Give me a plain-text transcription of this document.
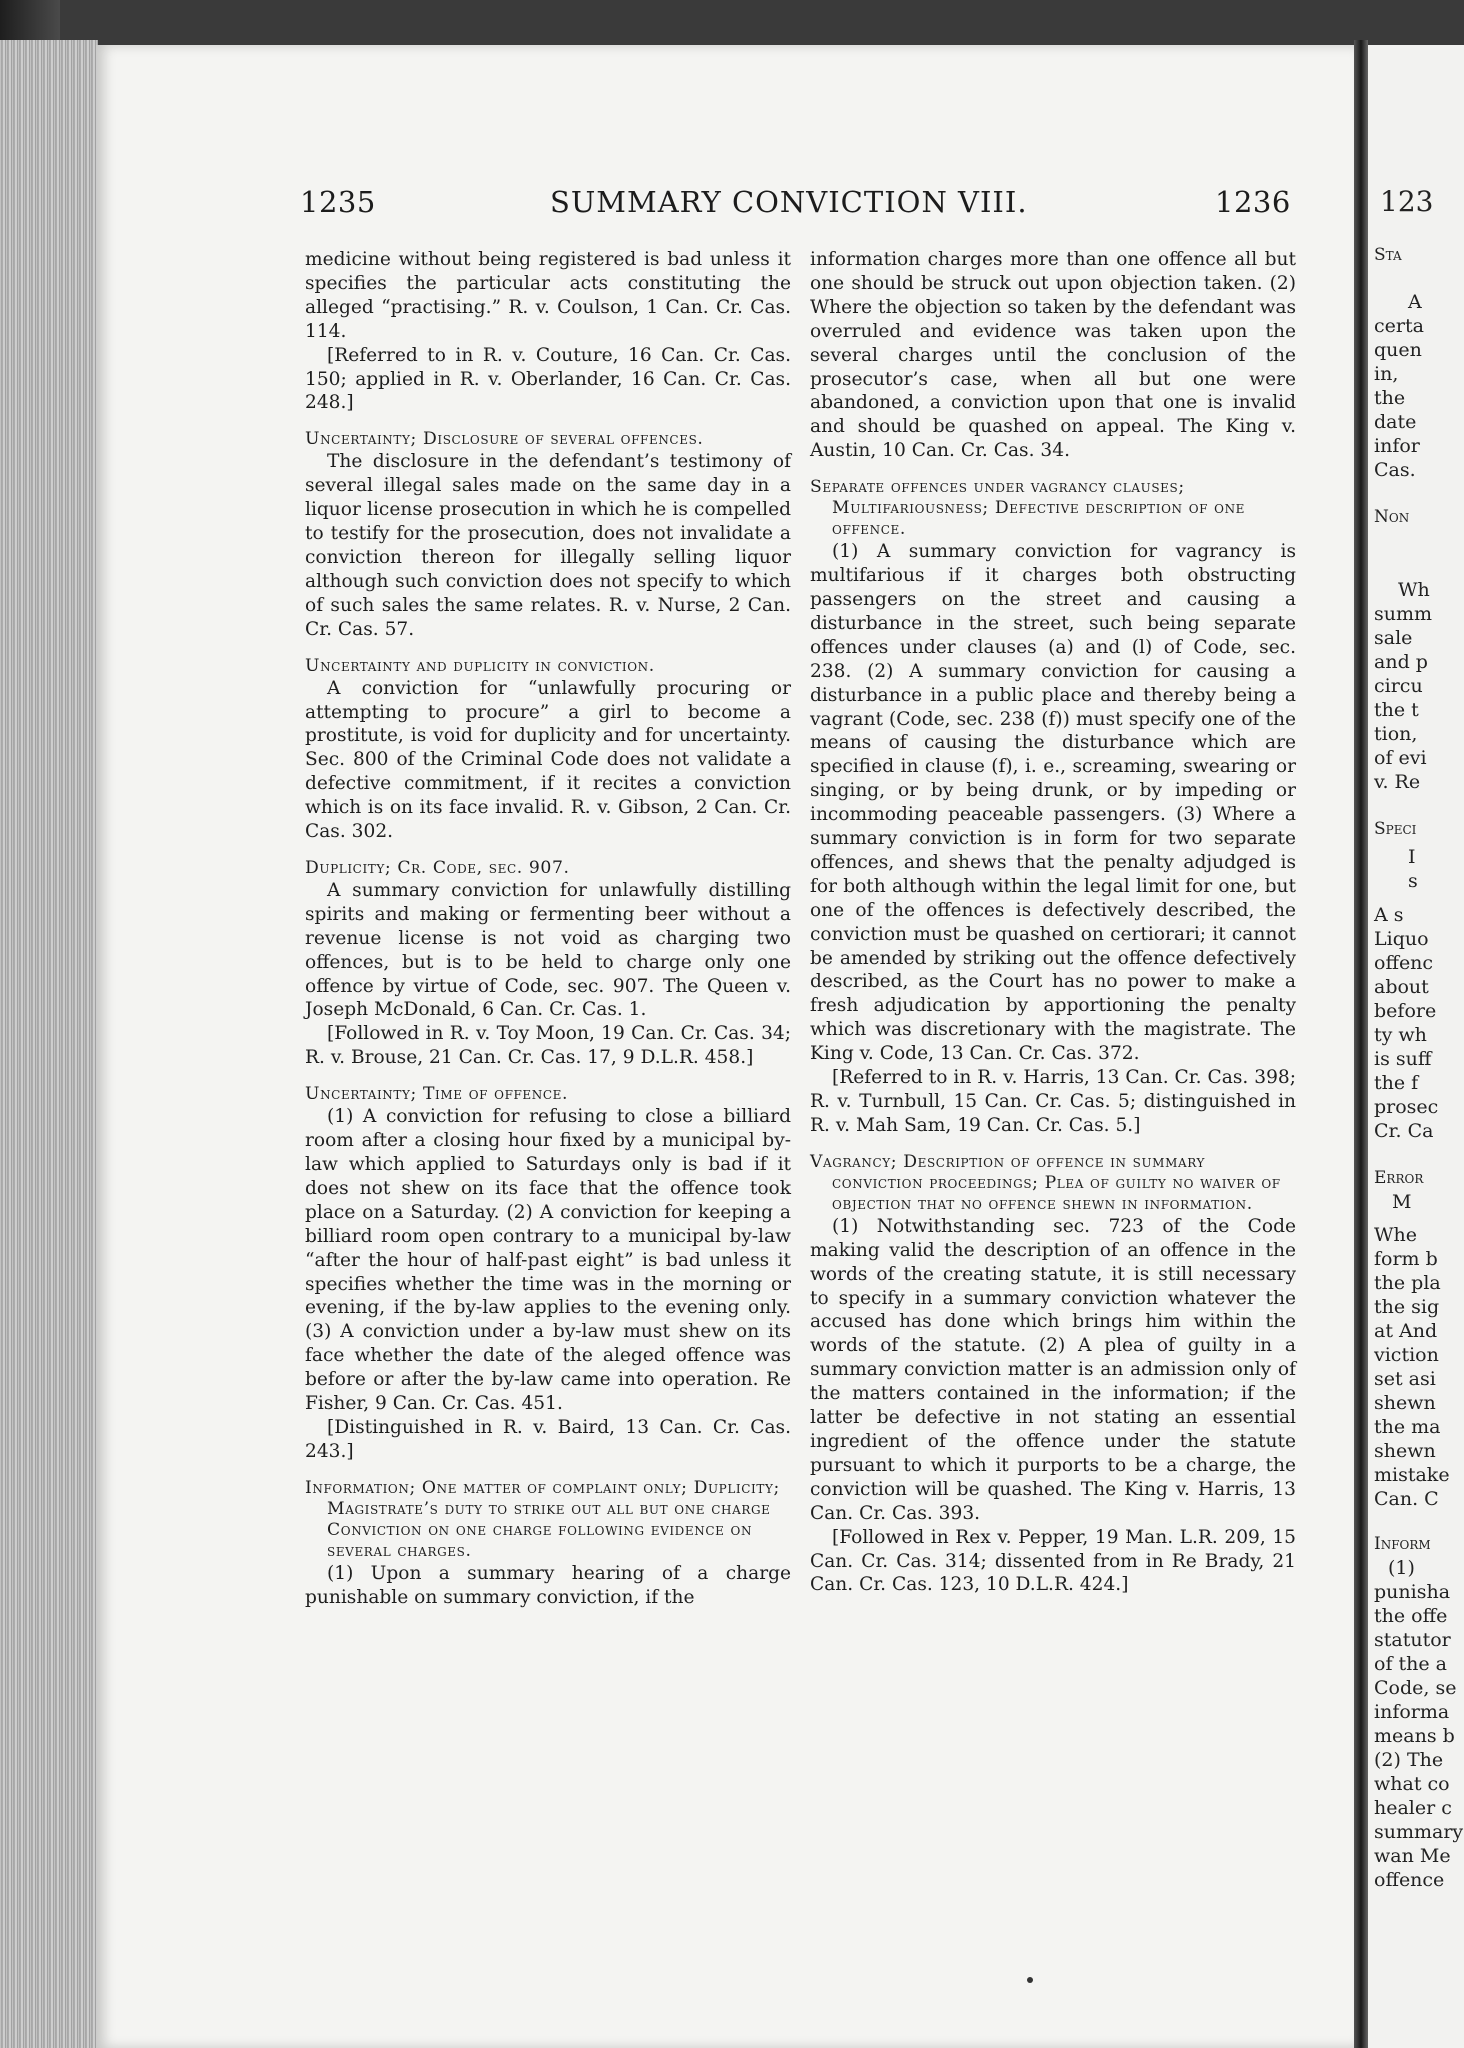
123
Sta
A
certa
quen
in,
the
date
infor
Cas.
Non
Wh
summ
sale
and p
circu
the t
tion,
of evi
v. Re
Speci
I
s
A s
Liquo
offenc
about
before
ty wh
is suff
the f
prosec
Cr. Ca
Error
M
Whe
form b
the pla
the sig
at And
viction
set asi
shewn
the ma
shewn
mistake
Can. C
Inform
(1)
punisha
the offe
statutor
of the a
Code, se
informa
means b
(2) The
what co
healer c
summary
wan Me
offence
1235	SUMMARY CONVICTION VIII.	1236

medicine without being registered is bad unless it specifies the particular acts constituting the alleged “practising.” R. v. Coulson, 1 Can. Cr. Cas. 114.

[Referred to in R. v. Couture, 16 Can. Cr. Cas. 150; applied in R. v. Oberlander, 16 Can. Cr. Cas. 248.]

Uncertainty; Disclosure of several offences.

The disclosure in the defendant’s testimony of several illegal sales made on the same day in a liquor license prosecution in which he is compelled to testify for the prosecution, does not invalidate a conviction thereon for illegally selling liquor although such conviction does not specify to which of such sales the same relates. R. v. Nurse, 2 Can. Cr. Cas. 57.

Uncertainty and duplicity in conviction.

A conviction for “unlawfully procuring or attempting to procure” a girl to become a prostitute, is void for duplicity and for uncertainty. Sec. 800 of the Criminal Code does not validate a defective commitment, if it recites a conviction which is on its face invalid. R. v. Gibson, 2 Can. Cr. Cas. 302.

Duplicity; Cr. Code, sec. 907.

A summary conviction for unlawfully distilling spirits and making or fermenting beer without a revenue license is not void as charging two offences, but is to be held to charge only one offence by virtue of Code, sec. 907. The Queen v. Joseph McDonald, 6 Can. Cr. Cas. 1.

[Followed in R. v. Toy Moon, 19 Can. Cr. Cas. 34; R. v. Brouse, 21 Can. Cr. Cas. 17, 9 D.L.R. 458.]

Uncertainty; Time of offence.

(1) A conviction for refusing to close a billiard room after a closing hour fixed by a municipal by-law which applied to Saturdays only is bad if it does not shew on its face that the offence took place on a Saturday. (2) A conviction for keeping a billiard room open contrary to a municipal by-law “after the hour of half-past eight” is bad unless it specifies whether the time was in the morning or evening, if the by-law applies to the evening only. (3) A conviction under a by-law must shew on its face whether the date of the aleged offence was before or after the by-law came into operation. Re Fisher, 9 Can. Cr. Cas. 451.

[Distinguished in R. v. Baird, 13 Can. Cr. Cas. 243.]

Information; One matter of complaint only; Duplicity; Magistrate’s duty to strike out all but one charge Conviction on one charge following evidence on several charges.

(1) Upon a summary hearing of a charge punishable on summary conviction, if the

information charges more than one offence all but one should be struck out upon objection taken. (2) Where the objection so taken by the defendant was overruled and evidence was taken upon the several charges until the conclusion of the prosecutor’s case, when all but one were abandoned, a conviction upon that one is invalid and should be quashed on appeal. The King v. Austin, 10 Can. Cr. Cas. 34.

Separate offences under vagrancy clauses; Multifariousness; Defective description of one offence.

(1) A summary conviction for vagrancy is multifarious if it charges both obstructing passengers on the street and causing a disturbance in the street, such being separate offences under clauses (a) and (l) of Code, sec. 238. (2) A summary conviction for causing a disturbance in a public place and thereby being a vagrant (Code, sec. 238 (f)) must specify one of the means of causing the disturbance which are specified in clause (f), i. e., screaming, swearing or singing, or by being drunk, or by impeding or incommoding peaceable passengers. (3) Where a summary conviction is in form for two separate offences, and shews that the penalty adjudged is for both although within the legal limit for one, but one of the offences is defectively described, the conviction must be quashed on certiorari; it cannot be amended by striking out the offence defectively described, as the Court has no power to make a fresh adjudication by apportioning the penalty which was discretionary with the magistrate. The King v. Code, 13 Can. Cr. Cas. 372.

[Referred to in R. v. Harris, 13 Can. Cr. Cas. 398; R. v. Turnbull, 15 Can. Cr. Cas. 5; distinguished in R. v. Mah Sam, 19 Can. Cr. Cas. 5.]

Vagrancy; Description of offence in summary conviction proceedings; Plea of guilty no waiver of objection that no offence shewn in information.

(1) Notwithstanding sec. 723 of the Code making valid the description of an offence in the words of the creating statute, it is still necessary to specify in a summary conviction whatever the accused has done which brings him within the words of the statute. (2) A plea of guilty in a summary conviction matter is an admission only of the matters contained in the information; if the latter be defective in not stating an essential ingredient of the offence under the statute pursuant to which it purports to be a charge, the conviction will be quashed. The King v. Harris, 13 Can. Cr. Cas. 393.

[Followed in Rex v. Pepper, 19 Man. L.R. 209, 15 Can. Cr. Cas. 314; dissented from in Re Brady, 21 Can. Cr. Cas. 123, 10 D.L.R. 424.]
